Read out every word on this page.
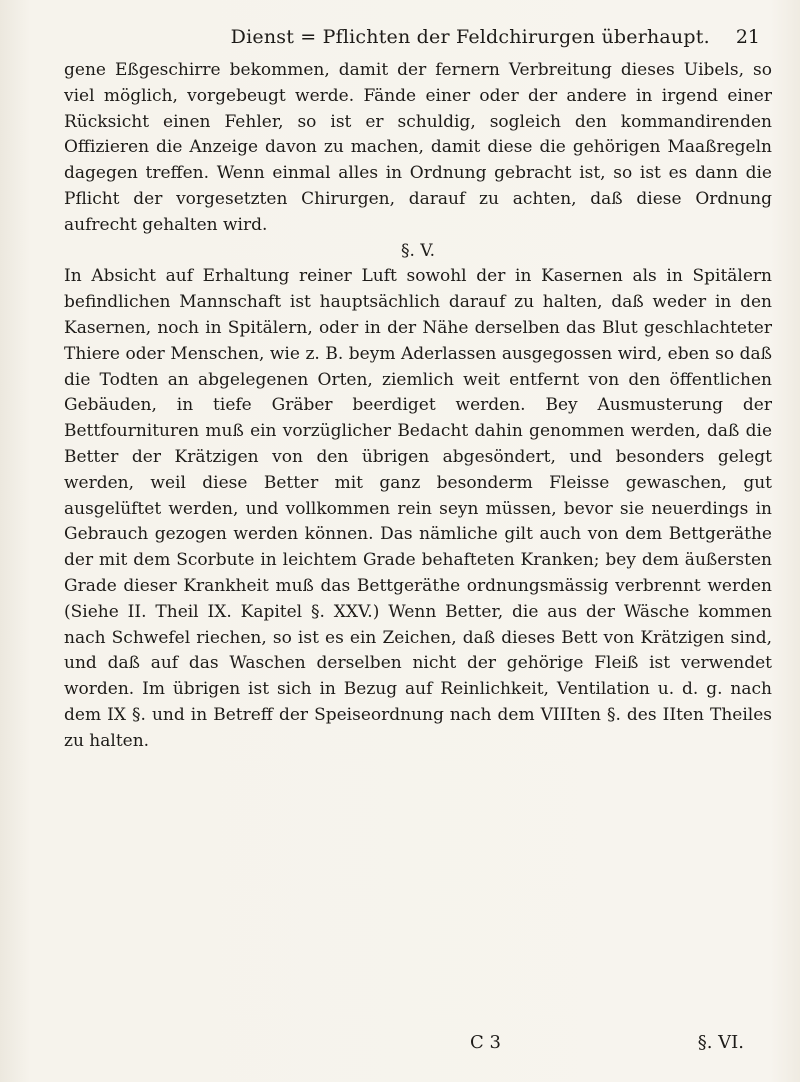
Dienst = Pflichten der Feldchirurgen überhaupt. 21

gene Eßgeschirre bekommen, damit der fernern Verbreitung dieses Uibels, so viel möglich, vorgebeugt werde. Fände einer oder der andere in irgend einer Rücksicht einen Fehler, so ist er schuldig, sogleich den kommandirenden Offizieren die Anzeige davon zu machen, damit diese die gehörigen Maaßregeln dagegen treffen. Wenn einmal alles in Ordnung gebracht ist, so ist es dann die Pflicht der vorgesetzten Chirurgen, darauf zu achten, daß diese Ordnung aufrecht gehalten wird.

§. V.

In Absicht auf Erhaltung reiner Luft sowohl der in Kasernen als in Spitälern befindlichen Mannschaft ist hauptsächlich darauf zu halten, daß weder in den Kasernen, noch in Spitälern, oder in der Nähe derselben das Blut geschlachteter Thiere oder Menschen, wie z. B. beym Aderlassen ausgegossen wird, eben so daß die Todten an abgelegenen Orten, ziemlich weit entfernt von den öffentlichen Gebäuden, in tiefe Gräber beerdiget werden. Bey Ausmusterung der Bettfournituren muß ein vorzüglicher Bedacht dahin genommen werden, daß die Better der Krätzigen von den übrigen abgesöndert, und besonders gelegt werden, weil diese Better mit ganz besonderm Fleisse gewaschen, gut ausgelüftet werden, und vollkommen rein seyn müssen, bevor sie neuerdings in Gebrauch gezogen werden können. Das nämliche gilt auch von dem Bettgeräthe der mit dem Scorbute in leichtem Grade behafteten Kranken; bey dem äußersten Grade dieser Krankheit muß das Bettgeräthe ordnungsmässig verbrennt werden (Siehe II. Theil IX. Kapitel §. XXV.) Wenn Better, die aus der Wäsche kommen nach Schwefel riechen, so ist es ein Zeichen, daß dieses Bett von Krätzigen sind, und daß auf das Waschen derselben nicht der gehörige Fleiß ist verwendet worden. Im übrigen ist sich in Bezug auf Reinlichkeit, Ventilation u. d. g. nach dem IX §. und in Betreff der Speiseordnung nach dem VIIIten §. des IIten Theiles zu halten.

C 3	§. VI.
